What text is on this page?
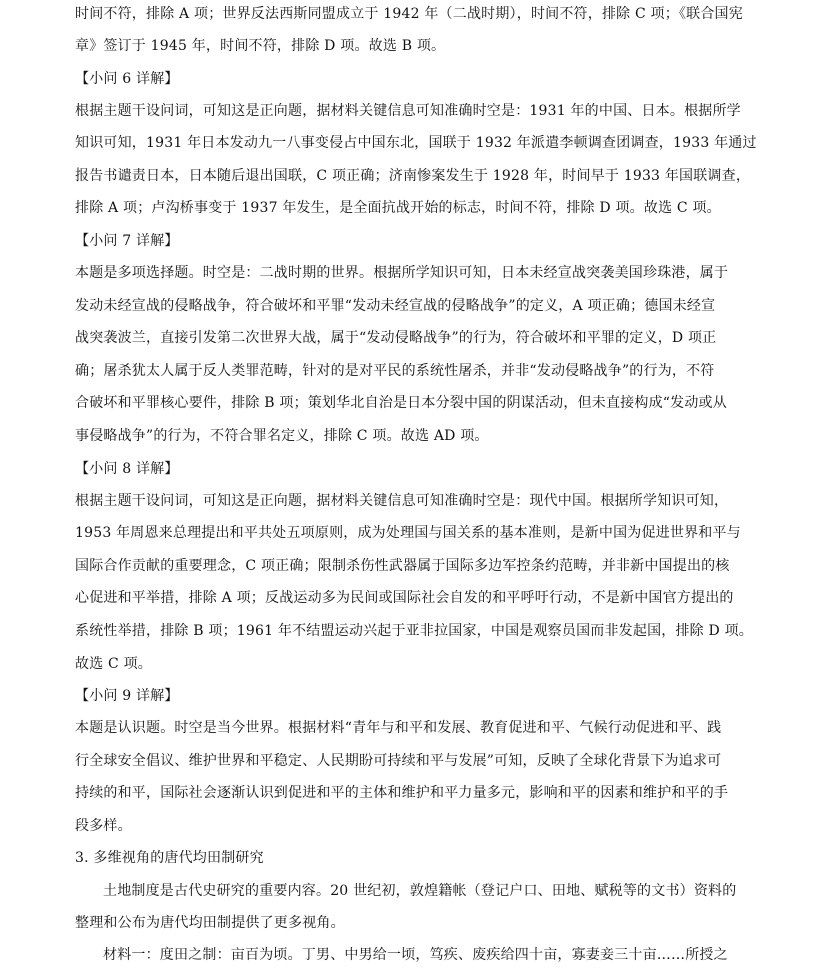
时间不符，排除 A 项；世界反法西斯同盟成立于 1942 年（二战时期），时间不符，排除 C 项；《联合国宪
章》签订于 1945 年，时间不符，排除 D 项。故选 B 项。
【小问 6 详解】
根据主题干设问词，可知这是正向题，据材料关键信息可知准确时空是：1931 年的中国、日本。根据所学
知识可知，1931 年日本发动九一八事变侵占中国东北，国联于 1932 年派遣李顿调查团调查，1933 年通过
报告书谴责日本，日本随后退出国联，C 项正确；济南惨案发生于 1928 年，时间早于 1933 年国联调查，
排除 A 项；卢沟桥事变于 1937 年发生，是全面抗战开始的标志，时间不符，排除 D 项。故选 C 项。
【小问 7 详解】
本题是多项选择题。时空是：二战时期的世界。根据所学知识可知，日本未经宣战突袭美国珍珠港，属于
发动未经宣战的侵略战争，符合破坏和平罪“发动未经宣战的侵略战争”的定义，A 项正确；德国未经宣
战突袭波兰，直接引发第二次世界大战，属于“发动侵略战争”的行为，符合破坏和平罪的定义，D 项正
确；屠杀犹太人属于反人类罪范畴，针对的是对平民的系统性屠杀，并非“发动侵略战争”的行为，不符
合破坏和平罪核心要件，排除 B 项；策划华北自治是日本分裂中国的阴谋活动，但未直接构成“发动或从
事侵略战争”的行为，不符合罪名定义，排除 C 项。故选 AD 项。
【小问 8 详解】
根据主题干设问词，可知这是正向题，据材料关键信息可知准确时空是：现代中国。根据所学知识可知，
1953 年周恩来总理提出和平共处五项原则，成为处理国与国关系的基本准则，是新中国为促进世界和平与
国际合作贡献的重要理念，C 项正确；限制杀伤性武器属于国际多边军控条约范畴，并非新中国提出的核
心促进和平举措，排除 A 项；反战运动多为民间或国际社会自发的和平呼吁行动，不是新中国官方提出的
系统性举措，排除 B 项；1961 年不结盟运动兴起于亚非拉国家，中国是观察员国而非发起国，排除 D 项。
故选 C 项。
【小问 9 详解】
本题是认识题。时空是当今世界。根据材料“青年与和平和发展、教育促进和平、气候行动促进和平、践
行全球安全倡议、维护世界和平稳定、人民期盼可持续和平与发展”可知，反映了全球化背景下为追求可
持续的和平，国际社会逐渐认识到促进和平的主体和维护和平力量多元，影响和平的因素和维护和平的手
段多样。
3. 多维视角的唐代均田制研究
土地制度是古代史研究的重要内容。20 世纪初，敦煌籍帐（登记户口、田地、赋税等的文书）资料的
整理和公布为唐代均田制提供了更多视角。
材料一：度田之制：亩百为顷。丁男、中男给一顷，笃疾、废疾给四十亩，寡妻妾三十亩……所授之
